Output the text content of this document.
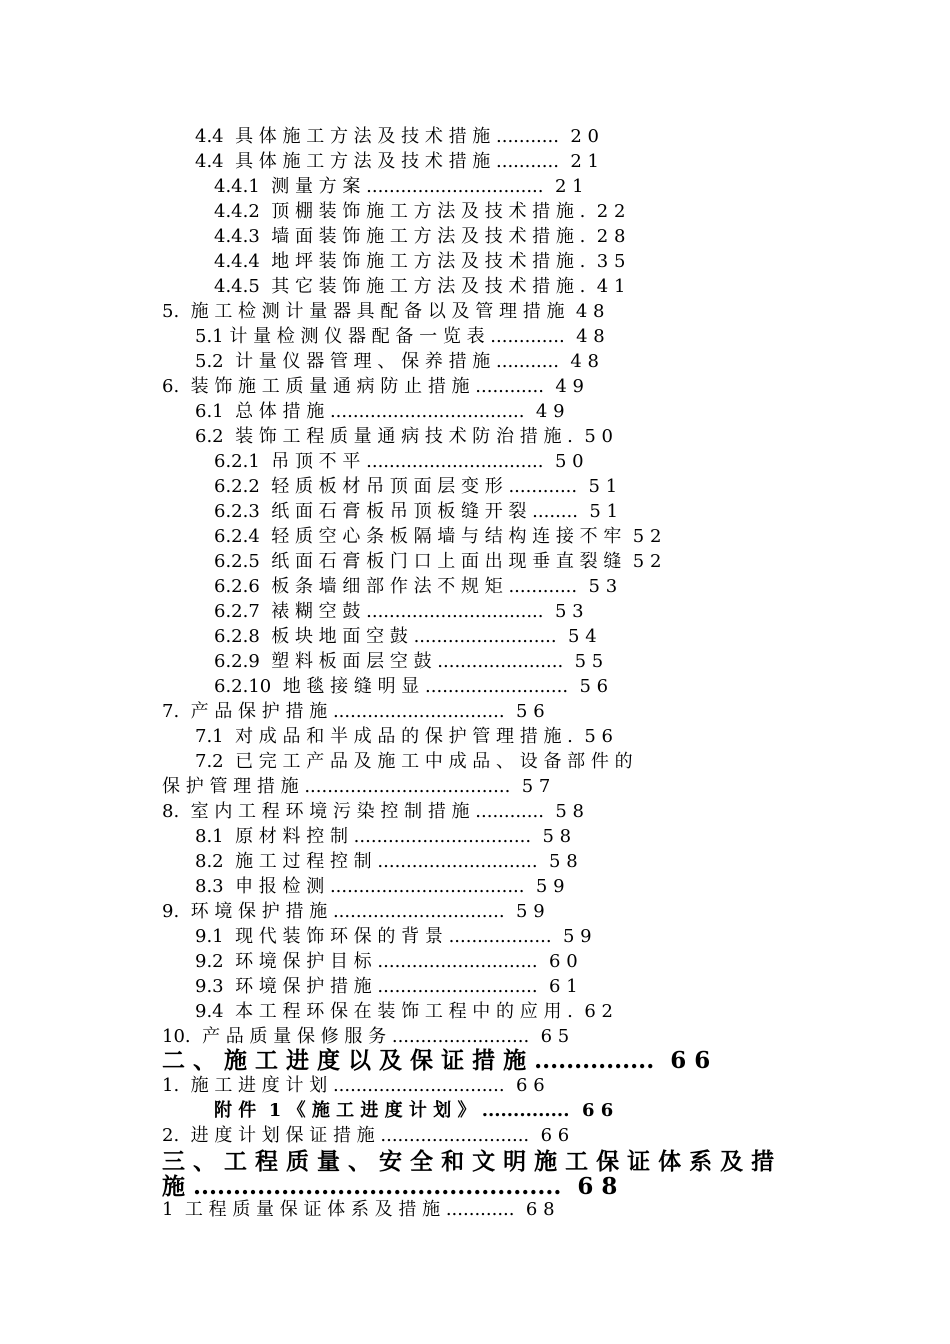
4.4  具 体 施 工 方 法 及 技 术 措 施 ...........  2 0
4.4  具 体 施 工 方 法 及 技 术 措 施 ...........  2 1
4.4.1  测 量 方 案 ...............................  2 1
4.4.2  顶 棚 装 饰 施 工 方 法 及 技 术 措 施 .  2 2
4.4.3  墙 面 装 饰 施 工 方 法 及 技 术 措 施 .  2 8
4.4.4  地 坪 装 饰 施 工 方 法 及 技 术 措 施 .  3 5
4.4.5  其 它 装 饰 施 工 方 法 及 技 术 措 施 .  4 1
5.  施 工 检 测 计 量 器 具 配 备 以 及 管 理 措 施  4 8
5.1 计 量 检 测 仪 器 配 备 一 览 表 .............  4 8
5.2  计 量 仪 器 管 理 、 保 养 措 施 ...........  4 8
6.  装 饰 施 工 质 量 通 病 防 止 措 施 ............  4 9
6.1  总 体 措 施 ..................................  4 9
6.2  装 饰 工 程 质 量 通 病 技 术 防 治 措 施 .  5 0
6.2.1  吊 顶 不 平 ...............................  5 0
6.2.2  轻 质 板 材 吊 顶 面 层 变 形 ............  5 1
6.2.3  纸 面 石 膏 板 吊 顶 板 缝 开 裂 ........  5 1
6.2.4  轻 质 空 心 条 板 隔 墙 与 结 构 连 接 不 牢  5 2
6.2.5  纸 面 石 膏 板 门 口 上 面 出 现 垂 直 裂 缝  5 2
6.2.6  板 条 墙 细 部 作 法 不 规 矩 ............  5 3
6.2.7  裱 糊 空 鼓 ...............................  5 3
6.2.8  板 块 地 面 空 鼓 .........................  5 4
6.2.9  塑 料 板 面 层 空 鼓 ......................  5 5
6.2.10  地 毯 接 缝 明 显 .........................  5 6
7.  产 品 保 护 措 施 ..............................  5 6
7.1  对 成 品 和 半 成 品 的 保 护 管 理 措 施 .  5 6
7.2  已 完 工 产 品 及 施 工 中 成 品 、 设 备 部 件 的
保 护 管 理 措 施 ....................................  5 7
8.  室 内 工 程 环 境 污 染 控 制 措 施 ............  5 8
8.1  原 材 料 控 制 ...............................  5 8
8.2  施 工 过 程 控 制 ............................  5 8
8.3  申 报 检 测 ..................................  5 9
9.  环 境 保 护 措 施 ..............................  5 9
9.1  现 代 装 饰 环 保 的 背 景 ..................  5 9
9.2  环 境 保 护 目 标 ............................  6 0
9.3  环 境 保 护 措 施 ............................  6 1
9.4  本 工 程 环 保 在 装 饰 工 程 中 的 应 用 .  6 2
10.  产 品 质 量 保 修 服 务 ........................  6 5
二 、 施 工 进 度 以 及 保 证 措 施 ...............  6 6
1.  施 工 进 度 计 划 ..............................  6 6
附 件  1 《 施 工 进 度 计 划 》 ..............  6 6
2.  进 度 计 划 保 证 措 施 ..........................  6 6
三 、 工 程 质 量 、 安 全 和 文 明 施 工 保 证 体 系 及 措
施 ..............................................  6 8
1  工 程 质 量 保 证 体 系 及 措 施 ............  6 8
